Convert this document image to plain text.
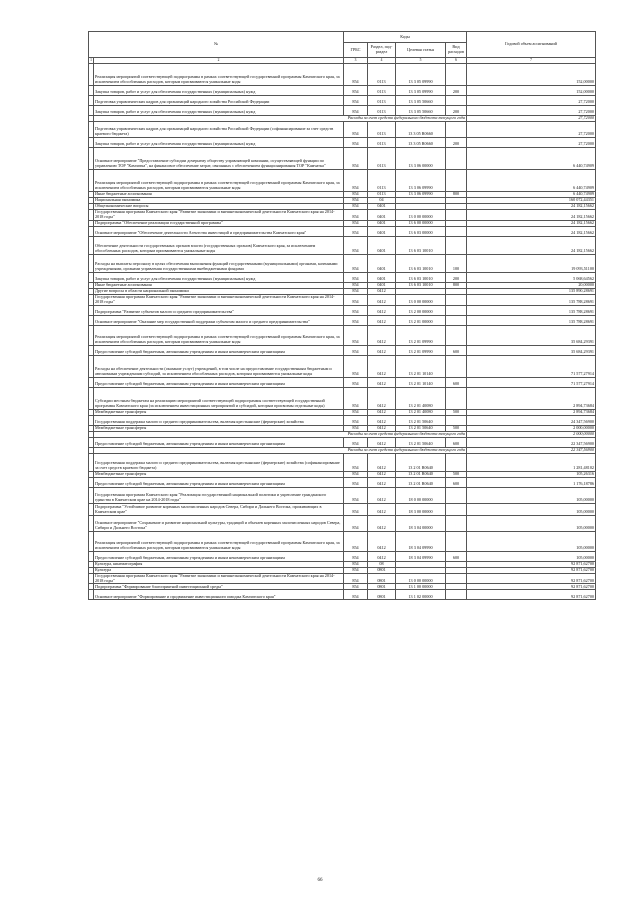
№		Коды				Годовой объем ассигнований
		ГРБС	Раздел, под-раздел	Целевая статья	Вид расходов	
1	2	3	4	5	6	7
	Реализация мероприятий соответствующей подпрограммы в рамках соответствующей государственной программы Камчатского края, за исключением обособленных расходов, которым присваиваются уникальные коды	854	0113	13 3 05 09990		152,00000
	Закупка товаров, работ и услуг для обеспечения государственных (муниципальных) нужд	854	0113	13 3 05 09990	200	152,00000
	Подготовка управленческих кадров для организаций народного хозяйства Российской Федерации	854	0113	13 3 05 50660		27,72000
	Закупка товаров, работ и услуг для обеспечения государственных (муниципальных) нужд	854	0113	13 3 05 50660	200	27,72000
	Расходы за счет средств федерального бюджета текущего года					27,72000
	Подготовка управленческих кадров для организаций народного хозяйства Российской Федерации (софинансирование за счет средств краевого бюджета)	854	0113	13 3 05 R0660		27,72000
	Закупка товаров, работ и услуг для обеспечения государственных (муниципальных) нужд	854	0113	13 3 05 R0660	200	27,72000
	Основное мероприятие "Предоставление субсидии дочернему обществу управляющей компании, осуществляющей функции по управлению ТОР "Камчатка", на финансовое обеспечение затрат, связанных с обеспечением функционирования ТОР "Камчатка"	854	0113	13 3 06 00000		6 440,74909
	Реализация мероприятий соответствующей подпрограммы в рамках соответствующей государственной программы Камчатского края, за исключением обособленных расходов, которым присваиваются уникальные коды	854	0113	13 3 06 09990		6 440,74909
	Иные бюджетные ассигнования	854	0113	13 3 06 09990	800	6 440,74909
	Национальная экономика	854	04			160 072,44351
	Общеэкономические вопросы	854	0401			24 182,15662
	Государственная программа Камчатского края "Развитие экономики и внешнеэкономической деятельности Камчатского края на 2014-2018 годы"	854	0401	13 0 00 00000		24 182,15662
	Подпрограмма "Обеспечение реализации государственной программы"	854	0401	13 6 00 00000		24 182,15662
	Основное мероприятие "Обеспечение деятельности Агентства инвестиций и предпринимательства Камчатского края"	854	0401	13 6 03 00000		24 182,15662
	Обеспечение деятельности государственных органов власти (государственных органов) Камчатского края, за исключением обособленных расходов, которым присваиваются уникальные коды	854	0401	13 6 03 10010		24 182,15662
	Расходы на выплаты персоналу в целях обеспечения выполнения функций государственными (муниципальными) органами, казенными учреждениями, органами управления государственными внебюджетными фондами	854	0401	13 6 03 10010	100	19 093,51100
	Закупка товаров, работ и услуг для обеспечения государственных (муниципальных) нужд	854	0401	13 6 03 10010	200	5 068,64562
	Иные бюджетные ассигнования	854	0401	13 6 03 10010	800	20,00000
	Другие вопросы в области национальной экономики	854	0412			135 890,28691
	Государственная программа Камчатского края "Развитие экономики и внешнеэкономической деятельности Камчатского края на 2014-2018 годы"	854	0412	13 0 00 00000		135 788,28691
	Подпрограмма "Развитие субъектов малого и среднего предпринимательства"	854	0412	13 2 00 00000		135 788,28691
	Основное мероприятие "Оказание мер государственной поддержки субъектам малого и среднего предпринимательства"	854	0412	13 2 01 00000		135 788,28691
	Реализация мероприятий соответствующей подпрограммы в рамках соответствующей государственной программы Камчатского края, за исключением обособленных расходов, которым присваиваются уникальные коды	854	0412	13 2 01 09990		35 684,29391
	Предоставление субсидий бюджетным, автономным учреждениям и иным некоммерческим организациям	854	0412	13 2 01 09990	600	35 684,29391
	Расходы на обеспечение деятельности (оказание услуг) учреждений, в том числе на предоставление государственным бюджетным и автономным учреждениям субсидий, за исключением обособленных расходов, которым присваиваются уникальные коды	854	0412	13 2 01 10140		71 577,27914
	Предоставление субсидий бюджетным, автономным учреждениям и иным некоммерческим организациям	854	0412	13 2 01 10140	600	71 577,27914
	Субсидии местным бюджетам на реализацию мероприятий соответствующей подпрограммы соответствующей государственной программы Камчатского края (за исключением инвестиционных мероприятий и субсидий, которым присвоены отдельные коды)	854	0412	13 2 01 40080		2 894,73684
	Межбюджетные трансферты	854	0412	13 2 01 40080	500	2 894,73684
	Государственная поддержка малого и среднего предпринимательства, включая крестьянские (фермерские) хозяйства	854	0412	13 2 01 50640		24 347,56900
	Межбюджетные трансферты	854	0412	13 2 01 50640	500	2 000,00000
	Расходы за счет средств федерального бюджета текущего года					2 000,00000
	Предоставление субсидий бюджетным, автономным учреждениям и иным некоммерческим организациям	854	0412	13 2 01 50640	600	22 347,56900
	Расходы за счет средств федерального бюджета текущего года					22 347,56900
	Государственная поддержка малого и среднего предпринимательства, включая крестьянские (фермерские) хозяйства (софинансирование за счет средств краевого бюджета)	854	0412	13 2 01 R0640		1 281,48102
	Межбюджетные трансферты	854	0412	13 2 01 R0640	500	105,26316
	Предоставление субсидий бюджетным, автономным учреждениям и иным некоммерческим организациям	854	0412	13 2 01 R0640	600	1 176,18786
	Государственная программа Камчатского края "Реализация государственной национальной политики и укрепление гражданского единства в Камчатском крае на 2014-2018 годы"	854	0412	18 0 00 00000		105,00000
	Подпрограмма "Устойчивое развитие коренных малочисленных народов Севера, Сибири и Дальнего Востока, проживающих в Камчатском крае"	854	0412	18 3 00 00000		105,00000
	Основное мероприятие "Сохранение и развитие национальной культуры, традиций и обычаев коренных малочисленных народов Севера, Сибири и Дальнего Востока"	854	0412	18 3 04 00000		105,00000
	Реализация мероприятий соответствующей подпрограммы в рамках соответствующей государственной программы Камчатского края, за исключением обособленных расходов, которым присваиваются уникальные коды	854	0412	18 3 04 09990		105,00000
	Предоставление субсидий бюджетным, автономным учреждениям и иным некоммерческим организациям	854	0412	18 3 04 09990	600	105,00000
	Культура, кинематография	854	08			92 871,62700
	Культура	854	0801			92 871,62700
	Государственная программа Камчатского края "Развитие экономики и внешнеэкономической деятельности Камчатского края на 2014-2018 годы"	854	0801	13 0 00 00000		92 871,62700
	Подпрограмма "Формирование благоприятной инвестиционной среды"	854	0801	13 1 00 00000		92 871,62700
	Основное мероприятие "Формирование и продвижение инвестиционного имиджа Камчатского края"	854	0801	13 1 02 00000		92 871,62700
66
